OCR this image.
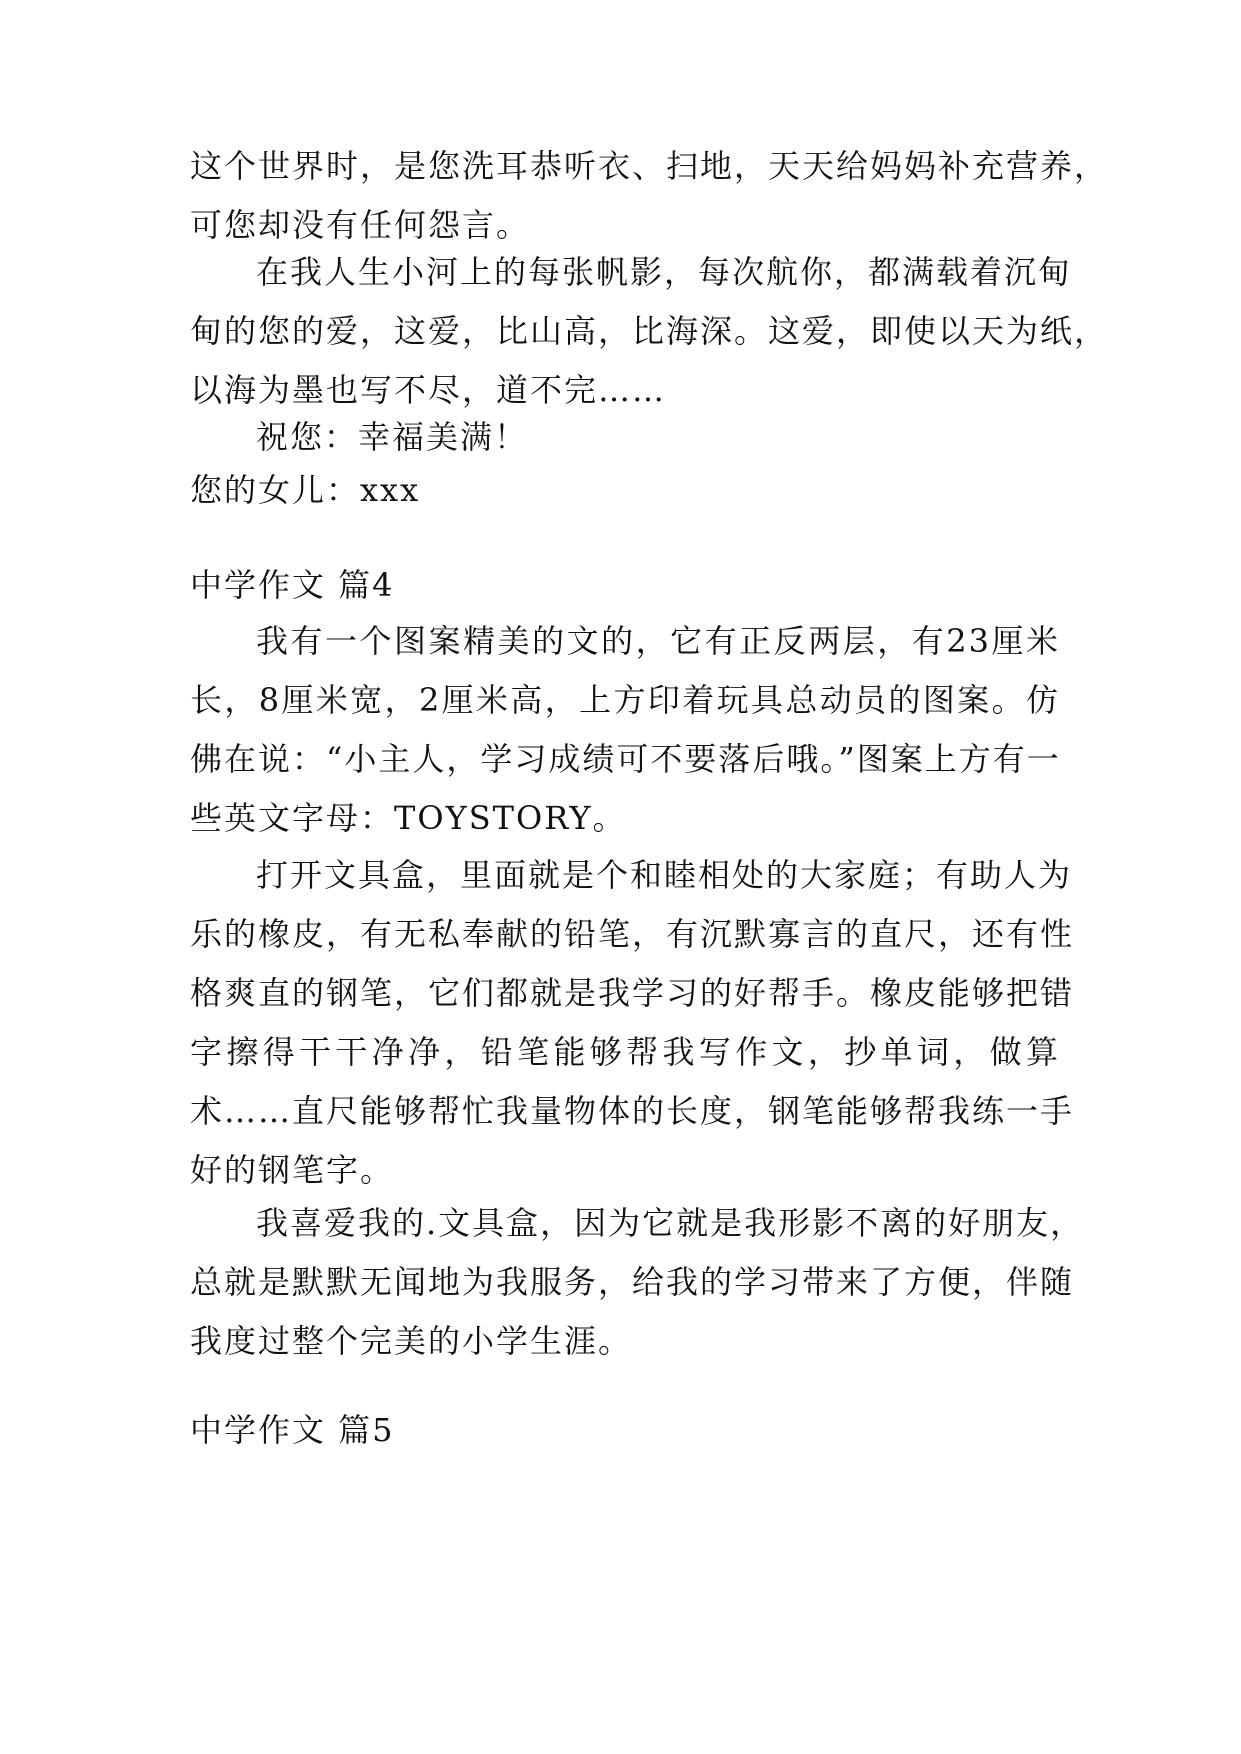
这个世界时，是您洗耳恭听衣、扫地，天天给妈妈补充营养，
可您却没有任何怨言。
在我人生小河上的每张帆影，每次航你，都满载着沉甸
甸的您的爱，这爱，比山高，比海深。这爱，即使以天为纸，
以海为墨也写不尽，道不完……
祝您：幸福美满！
您的女儿：xxx
中学作文 篇4
我有一个图案精美的文的，它有正反两层，有23厘米
长，8厘米宽，2厘米高，上方印着玩具总动员的图案。仿
佛在说：“小主人，学习成绩可不要落后哦。”图案上方有一
些英文字母：TOYSTORY。
打开文具盒，里面就是个和睦相处的大家庭；有助人为
乐的橡皮，有无私奉献的铅笔，有沉默寡言的直尺，还有性
格爽直的钢笔，它们都就是我学习的好帮手。橡皮能够把错
字擦得干干净净，铅笔能够帮我写作文，抄单词，做算
术……直尺能够帮忙我量物体的长度，钢笔能够帮我练一手
好的钢笔字。
我喜爱我的.文具盒，因为它就是我形影不离的好朋友，
总就是默默无闻地为我服务，给我的学习带来了方便，伴随
我度过整个完美的小学生涯。
中学作文 篇5
